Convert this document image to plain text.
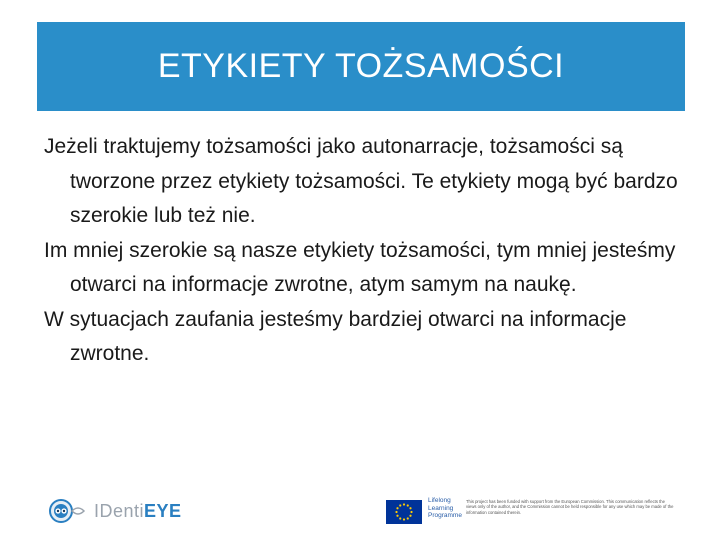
ETYKIETY TOŻSAMOŚCI

Jeżeli traktujemy tożsamości jako autonarracje, tożsamości są tworzone przez etykiety tożsamości. Te etykiety mogą być bardzo szerokie lub też nie.

Im mniej szerokie są nasze etykiety tożsamości, tym mniej jesteśmy otwarci na informacje zwrotne, atym samym na naukę.

W sytuacjach zaufania jesteśmy bardziej otwarci na informacje zwrotne.

IDentiEYE	Lifelong
Learning
Programme
This project has been funded with support from the European Commission. This communication reflects the views only of the author, and the Commission cannot be held responsible for any use which may be made of the information contained therein.
